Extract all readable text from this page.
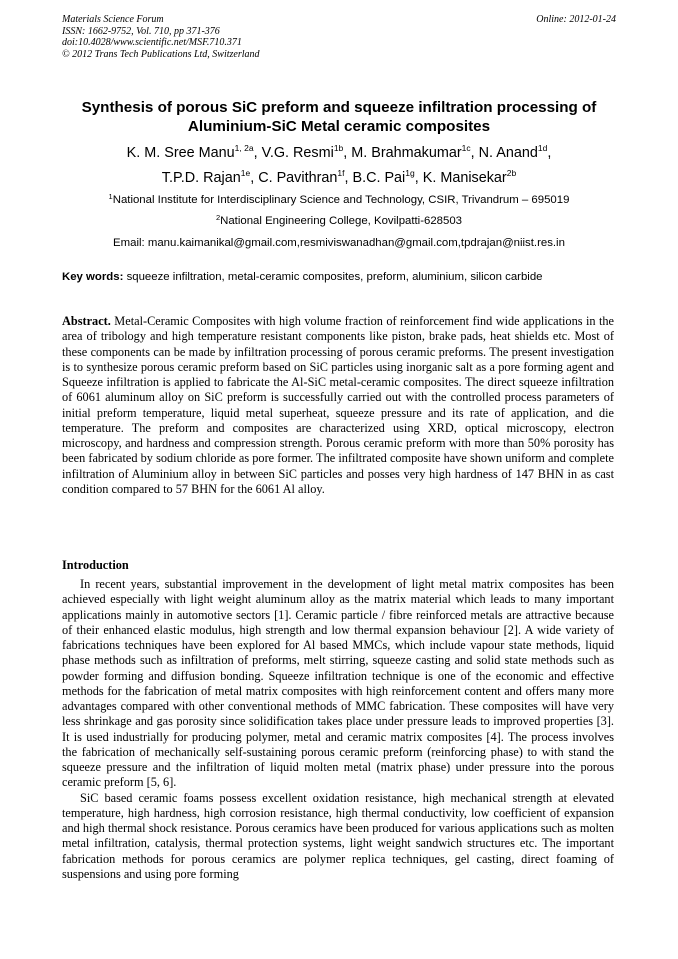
Materials Science Forum
ISSN: 1662-9752, Vol. 710, pp 371-376
doi:10.4028/www.scientific.net/MSF.710.371
© 2012 Trans Tech Publications Ltd, Switzerland
Online: 2012-01-24
Synthesis of porous SiC preform and squeeze infiltration processing of
Aluminium-SiC Metal ceramic composites
K. M. Sree Manu$^{1, 2a}$, V.G. Resmi$^{1b}$, M. Brahmakumar$^{1c}$, N. Anand$^{1d}$,
T.P.D. Rajan$^{1e}$, C. Pavithran$^{1f}$, B.C. Pai$^{1g}$, K. Manisekar$^{2b}$
$^1$National Institute for Interdisciplinary Science and Technology, CSIR, Trivandrum – 695019
$^2$National Engineering College, Kovilpatti-628503
Email: manu.kaimanikal@gmail.com,resmiviswanadhan@gmail.com,tpdrajan@niist.res.in
Key words: squeeze infiltration, metal-ceramic composites, preform, aluminium, silicon carbide
Abstract. Metal-Ceramic Composites with high volume fraction of reinforcement find wide applications in the area of tribology and high temperature resistant components like piston, brake pads, heat shields etc. Most of these components can be made by infiltration processing of porous ceramic preforms. The present investigation is to synthesize porous ceramic preform based on SiC particles using inorganic salt as a pore forming agent and Squeeze infiltration is applied to fabricate the Al-SiC metal-ceramic composites. The direct squeeze infiltration of 6061 aluminum alloy on SiC preform is successfully carried out with the controlled process parameters of initial preform temperature, liquid metal superheat, squeeze pressure and its rate of application, and die temperature. The preform and composites are characterized using XRD, optical microscopy, electron microscopy, and hardness and compression strength. Porous ceramic preform with more than 50% porosity has been fabricated by sodium chloride as pore former. The infiltrated composite have shown uniform and complete infiltration of Aluminium alloy in between SiC particles and posses very high hardness of 147 BHN in as cast condition compared to 57 BHN for the 6061 Al alloy.
Introduction

In recent years, substantial improvement in the development of light metal matrix composites has been achieved especially with light weight aluminum alloy as the matrix material which leads to many important applications mainly in automotive sectors [1]. Ceramic particle / fibre reinforced metals are attractive because of their enhanced elastic modulus, high strength and low thermal expansion behaviour [2]. A wide variety of fabrications techniques have been explored for Al based MMCs, which include vapour state methods, liquid phase methods such as infiltration of preforms, melt stirring, squeeze casting and solid state methods such as powder forming and diffusion bonding. Squeeze infiltration technique is one of the economic and effective methods for the fabrication of metal matrix composites with high reinforcement content and offers many more advantages compared with other conventional methods of MMC fabrication. These composites will have very less shrinkage and gas porosity since solidification takes place under pressure leads to improved properties [3]. It is used industrially for producing polymer, metal and ceramic matrix composites [4]. The process involves the fabrication of mechanically self-sustaining porous ceramic preform (reinforcing phase) to with stand the squeeze pressure and the infiltration of liquid molten metal (matrix phase) under pressure into the porous ceramic preform [5, 6].

SiC based ceramic foams possess excellent oxidation resistance, high mechanical strength at elevated temperature, high hardness, high corrosion resistance, high thermal conductivity, low coefficient of expansion and high thermal shock resistance. Porous ceramics have been produced for various applications such as molten metal infiltration, catalysis, thermal protection systems, light weight sandwich structures etc. The important fabrication methods for porous ceramics are polymer replica techniques, gel casting, direct foaming of suspensions and using pore forming
